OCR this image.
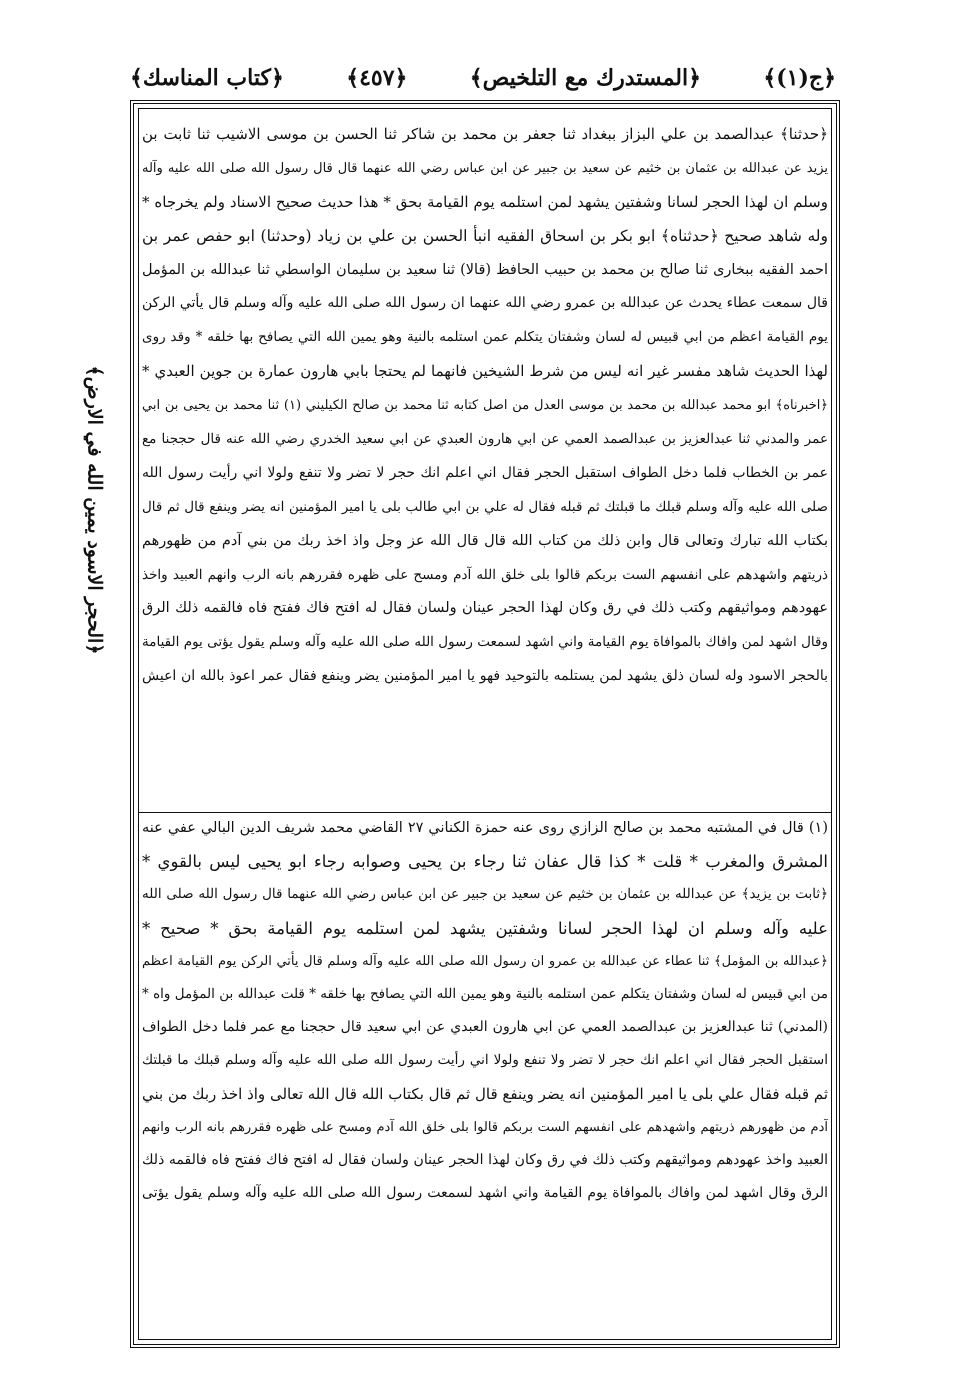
﴿ج(١)﴾
﴿المستدرك مع التلخيص﴾
﴿٤٥٧﴾
﴿كتاب المناسك﴾
﴿الحجر الاسود يمين الله في الارض﴾
﴿حدثنا﴾ عبدالصمد بن علي البزاز ببغداد ثنا جعفر بن محمد بن شاكر ثنا الحسن بن موسى الاشيب ثنا ثابت بن
يزيد عن عبدالله بن عثمان بن خثيم عن سعيد بن جبير عن ابن عباس رضي الله عنهما قال قال رسول الله صلى الله عليه وآله
وسلم ان لهذا الحجر لسانا وشفتين يشهد لمن استلمه يوم القيامة بحق * هذا حديث صحيح الاسناد ولم يخرجاه *
وله شاهد صحيح ﴿حدثناه﴾ ابو بكر بن اسحاق الفقيه انبأ الحسن بن علي بن زياد (وحدثنا) ابو حفص عمر بن
احمد الفقيه ببخارى ثنا صالح بن محمد بن حبيب الحافظ (قالا) ثنا سعيد بن سليمان الواسطي ثنا عبدالله بن المؤمل
قال سمعت عطاء يحدث عن عبدالله بن عمرو رضي الله عنهما ان رسول الله صلى الله عليه وآله وسلم قال يأتي الركن
يوم القيامة اعظم من ابي قبيس له لسان وشفتان يتكلم عمن استلمه بالنية وهو يمين الله التي يصافح بها خلقه * وقد روى
لهذا الحديث شاهد مفسر غير انه ليس من شرط الشيخين فانهما لم يحتجا بابي هارون عمارة بن جوين العبدي *
﴿اخبرناه﴾ ابو محمد عبدالله بن محمد بن موسى العدل من اصل كتابه ثنا محمد بن صالح الكيليني (١) ثنا محمد بن يحيى بن ابي
عمر والمدني ثنا عبدالعزيز بن عبدالصمد العمي عن ابي هارون العبدي عن ابي سعيد الخدري رضي الله عنه قال حججنا مع
عمر بن الخطاب فلما دخل الطواف استقبل الحجر فقال اني اعلم انك حجر لا تضر ولا تنفع ولولا اني رأيت رسول الله
صلى الله عليه وآله وسلم قبلك ما قبلتك ثم قبله فقال له علي بن ابي طالب بلى يا امير المؤمنين انه يضر وينفع قال ثم قال
بكتاب الله تبارك وتعالى قال وابن ذلك من كتاب الله قال قال الله عز وجل واذ اخذ ربك من بني آدم من ظهورهم
ذريتهم واشهدهم على انفسهم الست بربكم قالوا بلى خلق الله آدم ومسح على ظهره فقررهم بانه الرب وانهم العبيد واخذ
عهودهم ومواثيقهم وكتب ذلك في رق وكان لهذا الحجر عينان ولسان فقال له افتح فاك ففتح فاه فالقمه ذلك الرق
وقال اشهد لمن وافاك بالموافاة يوم القيامة واني اشهد لسمعت رسول الله صلى الله عليه وآله وسلم يقول يؤتى يوم القيامة
بالحجر الاسود وله لسان ذلق يشهد لمن يستلمه بالتوحيد فهو يا امير المؤمنين يضر وينفع فقال عمر اعوذ بالله ان اعيش
(١) قال في المشتبه محمد بن صالح الزازي روى عنه حمزة الكناني ٢٧ القاضي محمد شريف الدين البالي عفي عنه
المشرق والمغرب * قلت * كذا قال عفان ثنا رجاء بن يحيى وصوابه رجاء ابو يحيى ليس بالقوي *
﴿ثابت بن يزيد﴾ عن عبدالله بن عثمان بن خثيم عن سعيد بن جبير عن ابن عباس رضي الله عنهما قال رسول الله صلى الله
عليه وآله وسلم ان لهذا الحجر لسانا وشفتين يشهد لمن استلمه يوم القيامة بحق * صحيح *
﴿عبدالله بن المؤمل﴾ ثنا عطاء عن عبدالله بن عمرو ان رسول الله صلى الله عليه وآله وسلم قال يأتي الركن يوم القيامة اعظم
من ابي قبيس له لسان وشفتان يتكلم عمن استلمه بالنية وهو يمين الله التي يصافح بها خلقه * قلت عبدالله بن المؤمل واه *
(المدني) ثنا عبدالعزيز بن عبدالصمد العمي عن ابي هارون العبدي عن ابي سعيد قال حججنا مع عمر فلما دخل الطواف
استقبل الحجر فقال اني اعلم انك حجر لا تضر ولا تنفع ولولا اني رأيت رسول الله صلى الله عليه وآله وسلم قبلك ما قبلتك
ثم قبله فقال علي بلى يا امير المؤمنين انه يضر وينفع قال ثم قال بكتاب الله قال الله تعالى واذ اخذ ربك من بني
آدم من ظهورهم ذريتهم واشهدهم على انفسهم الست بربكم قالوا بلى خلق الله آدم ومسح على ظهره فقررهم بانه الرب وانهم
العبيد واخذ عهودهم ومواثيقهم وكتب ذلك في رق وكان لهذا الحجر عينان ولسان فقال له افتح فاك ففتح فاه فالقمه ذلك
الرق وقال اشهد لمن وافاك بالموافاة يوم القيامة واني اشهد لسمعت رسول الله صلى الله عليه وآله وسلم يقول يؤتى
